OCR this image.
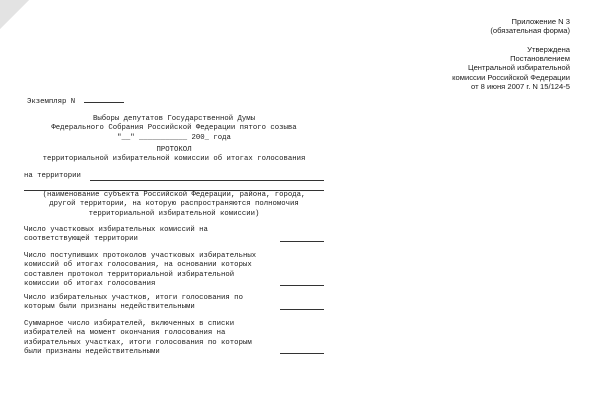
NoNumber.ru
Приложение N 3
(обязательная форма)
Утверждена
Постановлением
Центральной избирательной
комиссии Российской Федерации
от 8 июня 2007 г. N 15/124-5
Экземпляр N
Выборы депутатов Государственной Думы
Федерального Собрания Российской Федерации пятого созыва
"__" ___________ 200_ года
ПРОТОКОЛ
территориальной избирательной комиссии об итогах голосования
на территории
(наименование субъекта Российской Федерации, района, города,
другой территории, на которую распространяются полномочия
территориальной избирательной комиссии)
Число участковых избирательных комиссий на
соответствующей территории
Число поступивших протоколов участковых избирательных
комиссий об итогах голосования, на основании которых
составлен протокол территориальной избирательной
комиссии об итогах голосования
Число избирательных участков, итоги голосования по
которым были признаны недействительными
Суммарное число избирателей, включенных в списки
избирателей на момент окончания голосования на
избирательных участках, итоги голосования по которым
были признаны недействительными
